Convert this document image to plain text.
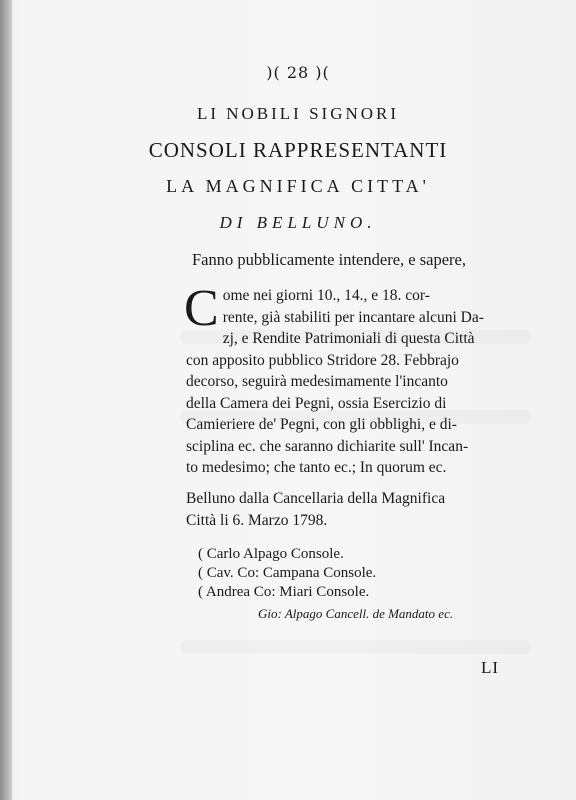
)( 28 )(
LI NOBILI SIGNORI
CONSOLI RAPPRESENTANTI
LA MAGNIFICA CITTA'
DI BELLUNO.
Fanno pubblicamente intendere, e sapere,
C ome nei giorni 10., 14., e 18. cor-
rente, già stabiliti per incantare alcuni Da-
zj, e Rendite Patrimoniali di questa Città
con apposito pubblico Stridore 28. Febbrajo
decorso, seguirà medesimamente l'incanto
della Camera dei Pegni, ossia Esercizio di
Camieriere de' Pegni, con gli obblighi, e di-
sciplina ec. che saranno dichiarite sull' Incan-
to medesimo; che tanto ec.; In quorum ec.
Belluno dalla Cancellaria della Magnifica
Città li 6. Marzo 1798.
( Carlo Alpago Console.
( Cav. Co: Campana Console.
( Andrea Co: Miari Console.
Gio: Alpago Cancell. de Mandato ec.
LI
